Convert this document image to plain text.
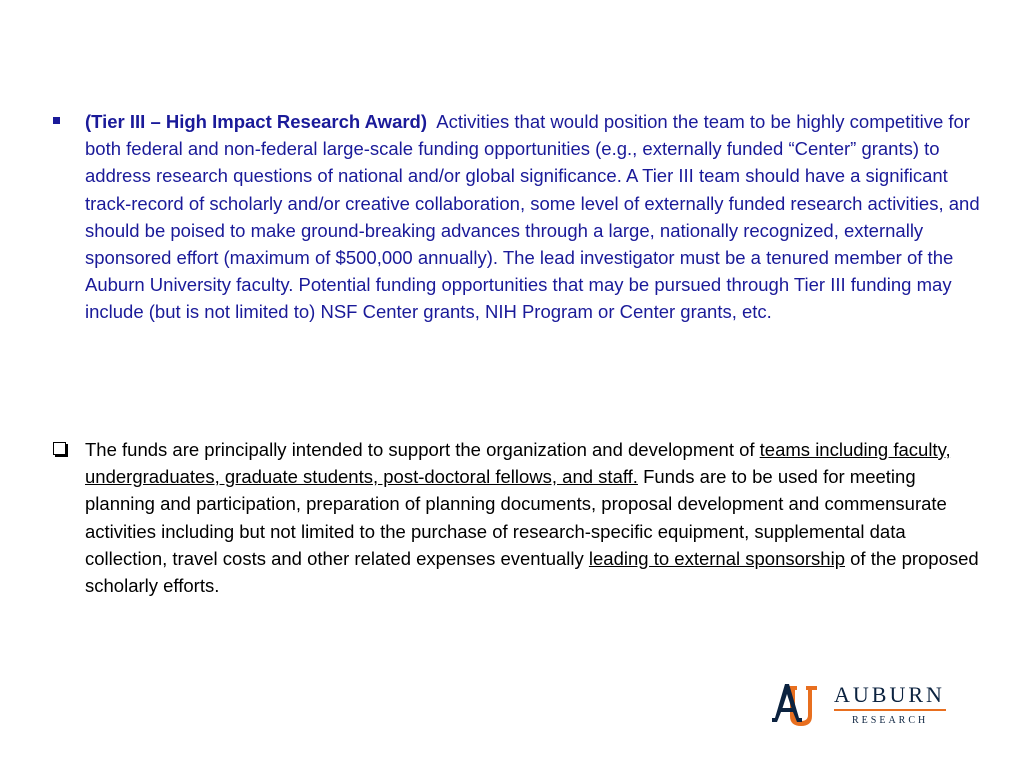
(Tier III – High Impact Research Award) Activities that would position the team to be highly competitive for both federal and non-federal large-scale funding opportunities (e.g., externally funded “Center” grants) to address research questions of national and/or global significance. A Tier III team should have a significant track-record of scholarly and/or creative collaboration, some level of externally funded research activities, and should be poised to make ground-breaking advances through a large, nationally recognized, externally sponsored effort (maximum of $500,000 annually). The lead investigator must be a tenured member of the Auburn University faculty. Potential funding opportunities that may be pursued through Tier III funding may include (but is not limited to) NSF Center grants, NIH Program or Center grants, etc.

The funds are principally intended to support the organization and development of teams including faculty, undergraduates, graduate students, post-doctoral fellows, and staff. Funds are to be used for meeting planning and participation, preparation of planning documents, proposal development and commensurate activities including but not limited to the purchase of research-specific equipment, supplemental data collection, travel costs and other related expenses eventually leading to external sponsorship of the proposed scholarly efforts.

AUBURN
RESEARCH
